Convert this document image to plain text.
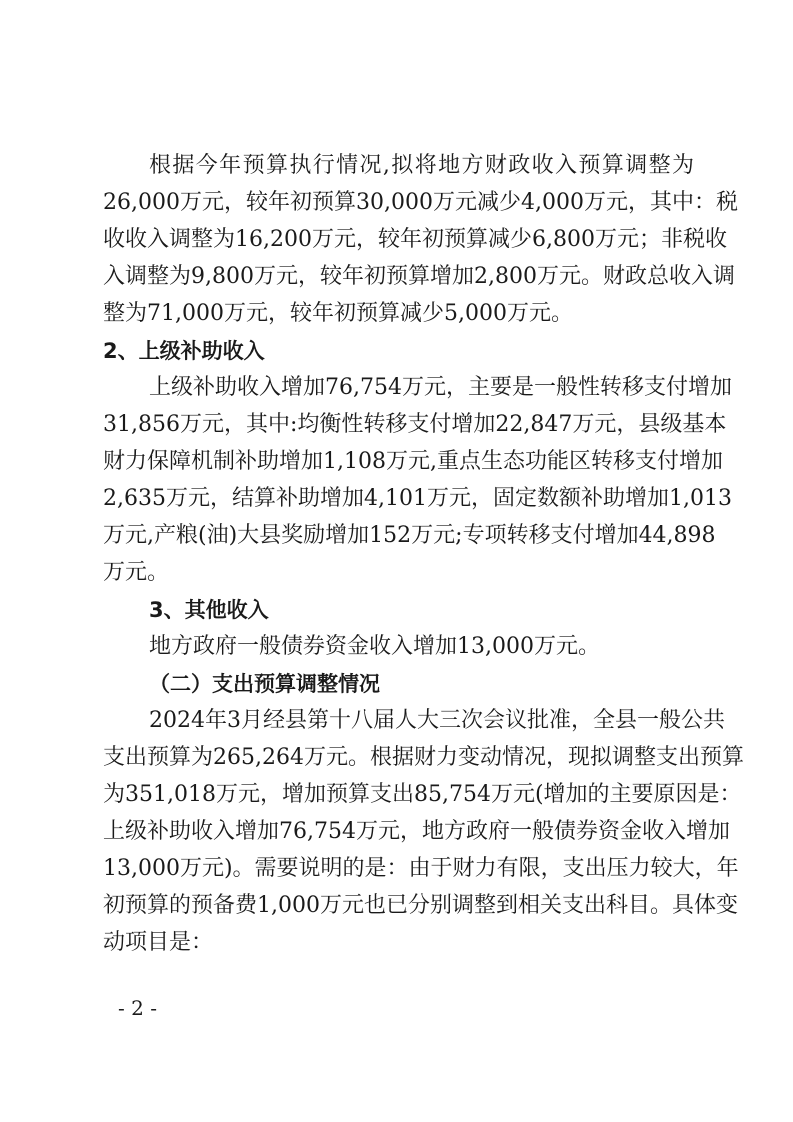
根据今年预算执行情况,拟将地方财政收入预算调整为
26,000万元，较年初预算30,000万元减少4,000万元，其中：税
收收入调整为16,200万元，较年初预算减少6,800万元；非税收
入调整为9,800万元，较年初预算增加2,800万元。财政总收入调
整为71,000万元，较年初预算减少5,000万元。
2、上级补助收入
上级补助收入增加76,754万元，主要是一般性转移支付增加
31,856万元，其中:均衡性转移支付增加22,847万元，县级基本
财力保障机制补助增加1,108万元,重点生态功能区转移支付增加
2,635万元，结算补助增加4,101万元，固定数额补助增加1,013
万元,产粮(油)大县奖励增加152万元;专项转移支付增加44,898
万元。
3、其他收入
地方政府一般债券资金收入增加13,000万元。
（二）支出预算调整情况
2024年3月经县第十八届人大三次会议批准，全县一般公共
支出预算为265,264万元。根据财力变动情况，现拟调整支出预算
为351,018万元，增加预算支出85,754万元(增加的主要原因是：
上级补助收入增加76,754万元，地方政府一般债券资金收入增加
13,000万元)。需要说明的是：由于财力有限，支出压力较大，年
初预算的预备费1,000万元也已分别调整到相关支出科目。具体变
动项目是：
- 2 -
